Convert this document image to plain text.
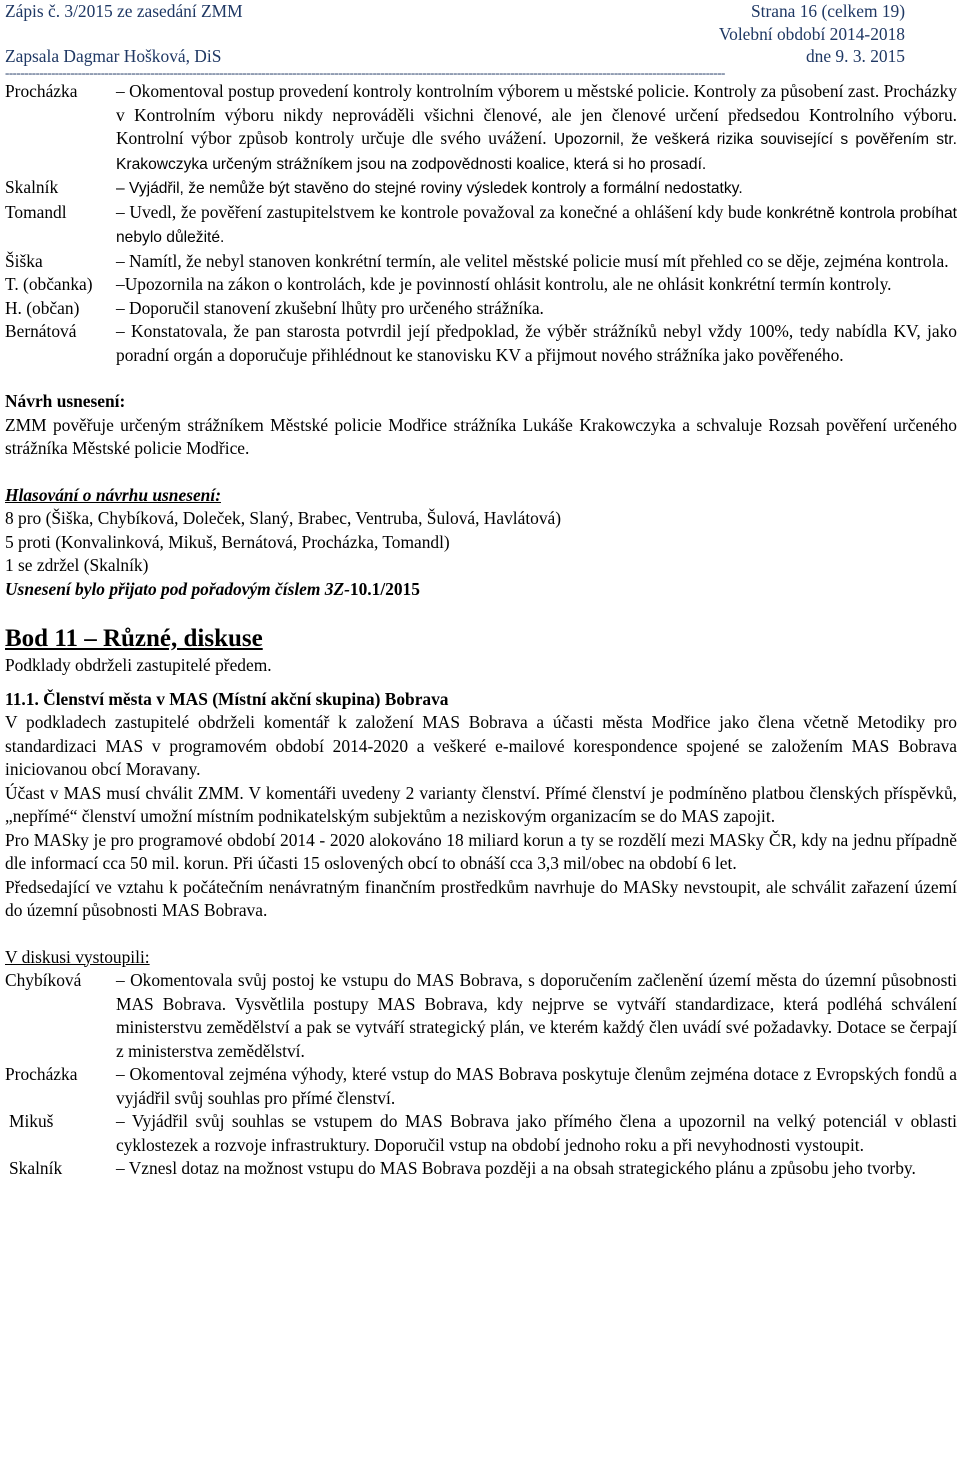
Zápis č. 3/2015 ze zasedání ZMM	Strana 16 (celkem 19)
Volební období 2014-2018
Zapsala Dagmar Hošková, DiS	dne 9. 3. 2015
--------------------------------------------------------------------------------------------------------------------------------------------------------------------------------------------
Procházka – Okomentoval postup provedení kontroly kontrolním výborem u městské policie. Kontroly za působení zast. Procházky v Kontrolním výboru nikdy neprováděli všichni členové, ale jen členové určení předsedou Kontrolního výboru. Kontrolní výbor způsob kontroly určuje dle svého uvážení. Upozornil, že veškerá rizika související s pověřením str. Krakowczyka určeným strážníkem jsou na zodpovědnosti koalice, která si ho prosadí.
Skalník	– Vyjádřil, že nemůže být stavěno do stejné roviny výsledek kontroly a formální nedostatky.
Tomandl	– Uvedl, že pověření zastupitelstvem ke kontrole považoval za konečné a ohlášení kdy bude konkrétně kontrola probíhat nebylo důležité.
Šiška	– Namítl, že nebyl stanoven konkrétní termín, ale velitel městské policie musí mít přehled co se děje, zejména kontrola.
T. (občanka) –Upozornila na zákon o kontrolách, kde je povinností ohlásit kontrolu, ale ne ohlásit konkrétní termín kontroly.
H. (občan) – Doporučil stanovení zkušební lhůty pro určeného strážníka.
Bernátová – Konstatovala, že pan starosta potvrdil její předpoklad, že výběr strážníků nebyl vždy 100%, tedy nabídla KV, jako poradní orgán a doporučuje přihlédnout ke stanovisku KV a přijmout nového strážníka jako pověřeného.

Návrh usnesení:

ZMM pověřuje určeným strážníkem Městské policie Modřice strážníka Lukáše Krakowczyka a schvaluje Rozsah pověření určeného strážníka Městské policie Modřice.

Hlasování o návrhu usnesení:

8 pro (Šiška, Chybíková, Doleček, Slaný, Brabec, Ventruba, Šulová, Havlátová)

5 proti (Konvalinková, Mikuš, Bernátová, Procházka, Tomandl)

1 se zdržel (Skalník)

Usnesení bylo přijato pod pořadovým číslem 3Z-10.1/2015

Bod 11 – Různé, diskuse

Podklady obdrželi zastupitelé předem.

11.1. Členství města v MAS (Místní akční skupina) Bobrava

V podkladech zastupitelé obdrželi komentář k založení MAS Bobrava a účasti města Modřice jako člena včetně Metodiky pro standardizaci MAS v programovém období 2014-2020 a veškeré e-mailové korespondence spojené se založením MAS Bobrava iniciovanou obcí Moravany.

Účast v MAS musí chválit ZMM. V komentáři uvedeny 2 varianty členství. Přímé členství je podmíněno platbou členských příspěvků, „nepřímé“ členství umožní místním podnikatelským subjektům a neziskovým organizacím se do MAS zapojit.

Pro MASky je pro programové období 2014 - 2020 alokováno 18 miliard korun a ty se rozdělí mezi MASky ČR, kdy na jednu případně dle informací cca 50 mil. korun. Při účasti 15 oslovených obcí to obnáší cca 3,3 mil/obec na období 6 let.

Předsedající ve vztahu k počátečním nenávratným finančním prostředkům navrhuje do MASky nevstoupit, ale schválit zařazení území do územní působnosti MAS Bobrava.

V diskusi vystoupili:

Chybíková – Okomentovala svůj postoj ke vstupu do MAS Bobrava, s doporučením začlenění území města do územní působnosti MAS Bobrava. Vysvětlila postupy MAS Bobrava, kdy nejprve se vytváří standardizace, která podléhá schválení ministerstvu zemědělství a pak se vytváří strategický plán, ve kterém každý člen uvádí své požadavky. Dotace se čerpají z ministerstva zemědělství.
Procházka – Okomentoval zejména výhody, které vstup do MAS Bobrava poskytuje členům zejména dotace z Evropských fondů a vyjádřil svůj souhlas pro přímé členství.
Mikuš	– Vyjádřil svůj souhlas se vstupem do MAS Bobrava jako přímého člena a upozornil na velký potenciál v oblasti cyklostezek a rozvoje infrastruktury. Doporučil vstup na období jednoho roku a při nevyhodnosti vystoupit.
Skalník	– Vznesl dotaz na možnost vstupu do MAS Bobrava později a na obsah strategického plánu a způsobu jeho tvorby.
